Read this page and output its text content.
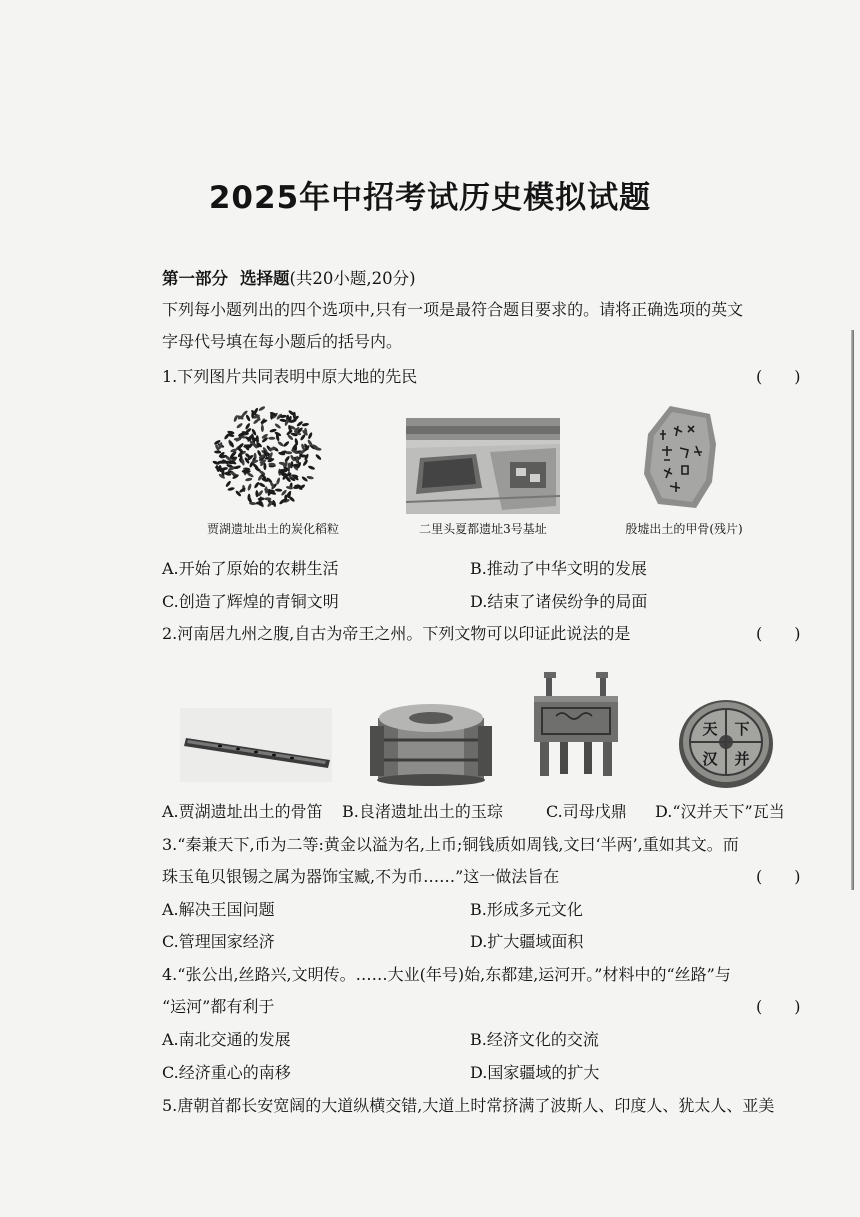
2025年中招考试历史模拟试题
第一部分 选择题(共20小题,20分)
下列每小题列出的四个选项中,只有一项是最符合题目要求的。请将正确选项的英文
字母代号填在每小题后的括号内。
1.下列图片共同表明中原大地的先民	(　　)
贾湖遗址出土的炭化稻粒	二里头夏都遗址3号基址	殷墟出土的甲骨(残片)
A.开始了原始的农耕生活	B.推动了中华文明的发展
C.创造了辉煌的青铜文明	D.结束了诸侯纷争的局面
2.河南居九州之腹,自古为帝王之州。下列文物可以印证此说法的是	(　　)
天 下
并
汉
A.贾湖遗址出土的骨笛 B.良渚遗址出土的玉琮	C.司母戊鼎 D.“汉并天下”瓦当
3.“秦兼天下,币为二等:黄金以溢为名,上币;铜钱质如周钱,文曰‘半两’,重如其文。而
珠玉龟贝银锡之属为器饰宝臧,不为币……”这一做法旨在	(　　)
A.解决王国问题	B.形成多元文化
C.管理国家经济	D.扩大疆域面积
4.“张公出,丝路兴,文明传。……大业(年号)始,东都建,运河开。”材料中的“丝路”与
“运河”都有利于	(　　)
A.南北交通的发展	B.经济文化的交流
C.经济重心的南移	D.国家疆域的扩大
5.唐朝首都长安宽阔的大道纵横交错,大道上时常挤满了波斯人、印度人、犹太人、亚美
